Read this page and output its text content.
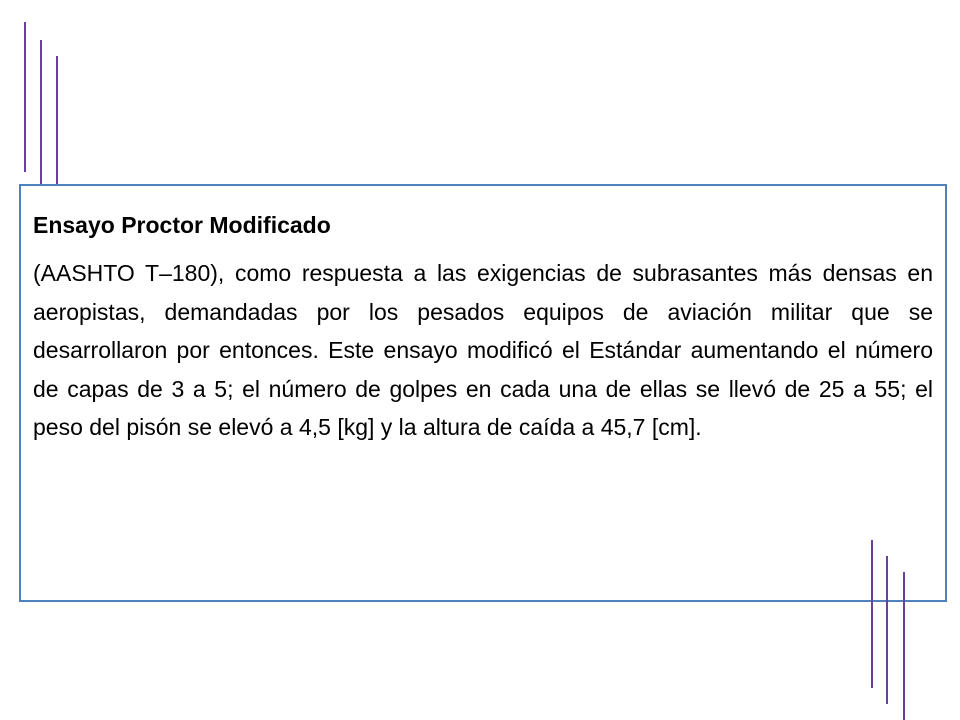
Ensayo Proctor Modificado

(AASHTO T–180), como respuesta a las exigencias de subrasantes más densas en aeropistas, demandadas por los pesados equipos de aviación militar que se desarrollaron por entonces. Este ensayo modificó el Estándar aumentando el número de capas de 3 a 5; el número de golpes en cada una de ellas se llevó de 25 a 55; el peso del pisón se elevó a 4,5 [kg] y la altura de caída a 45,7 [cm].
